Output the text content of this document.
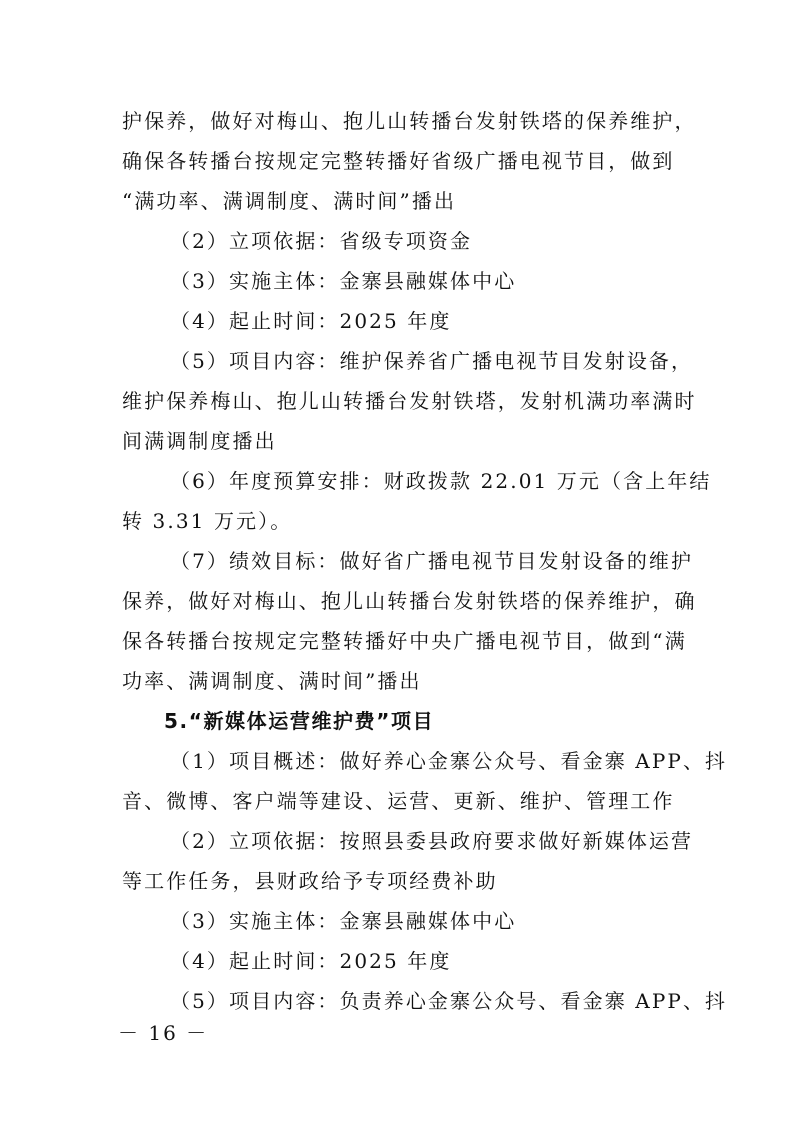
护保养，做好对梅山、抱儿山转播台发射铁塔的保养维护，
确保各转播台按规定完整转播好省级广播电视节目，做到
“满功率、满调制度、满时间”播出
（2）立项依据：省级专项资金
（3）实施主体：金寨县融媒体中心
（4）起止时间：2025 年度
（5）项目内容：维护保养省广播电视节目发射设备，
维护保养梅山、抱儿山转播台发射铁塔，发射机满功率满时
间满调制度播出
（6）年度预算安排：财政拨款 22.01 万元（含上年结
转 3.31 万元）。
（7）绩效目标：做好省广播电视节目发射设备的维护
保养，做好对梅山、抱儿山转播台发射铁塔的保养维护，确
保各转播台按规定完整转播好中央广播电视节目，做到“满
功率、满调制度、满时间”播出
5.“新媒体运营维护费”项目
（1）项目概述：做好养心金寨公众号、看金寨 APP、抖
音、微博、客户端等建设、运营、更新、维护、管理工作
（2）立项依据：按照县委县政府要求做好新媒体运营
等工作任务，县财政给予专项经费补助
（3）实施主体：金寨县融媒体中心
（4）起止时间：2025 年度
（5）项目内容：负责养心金寨公众号、看金寨 APP、抖
－ 16 －
